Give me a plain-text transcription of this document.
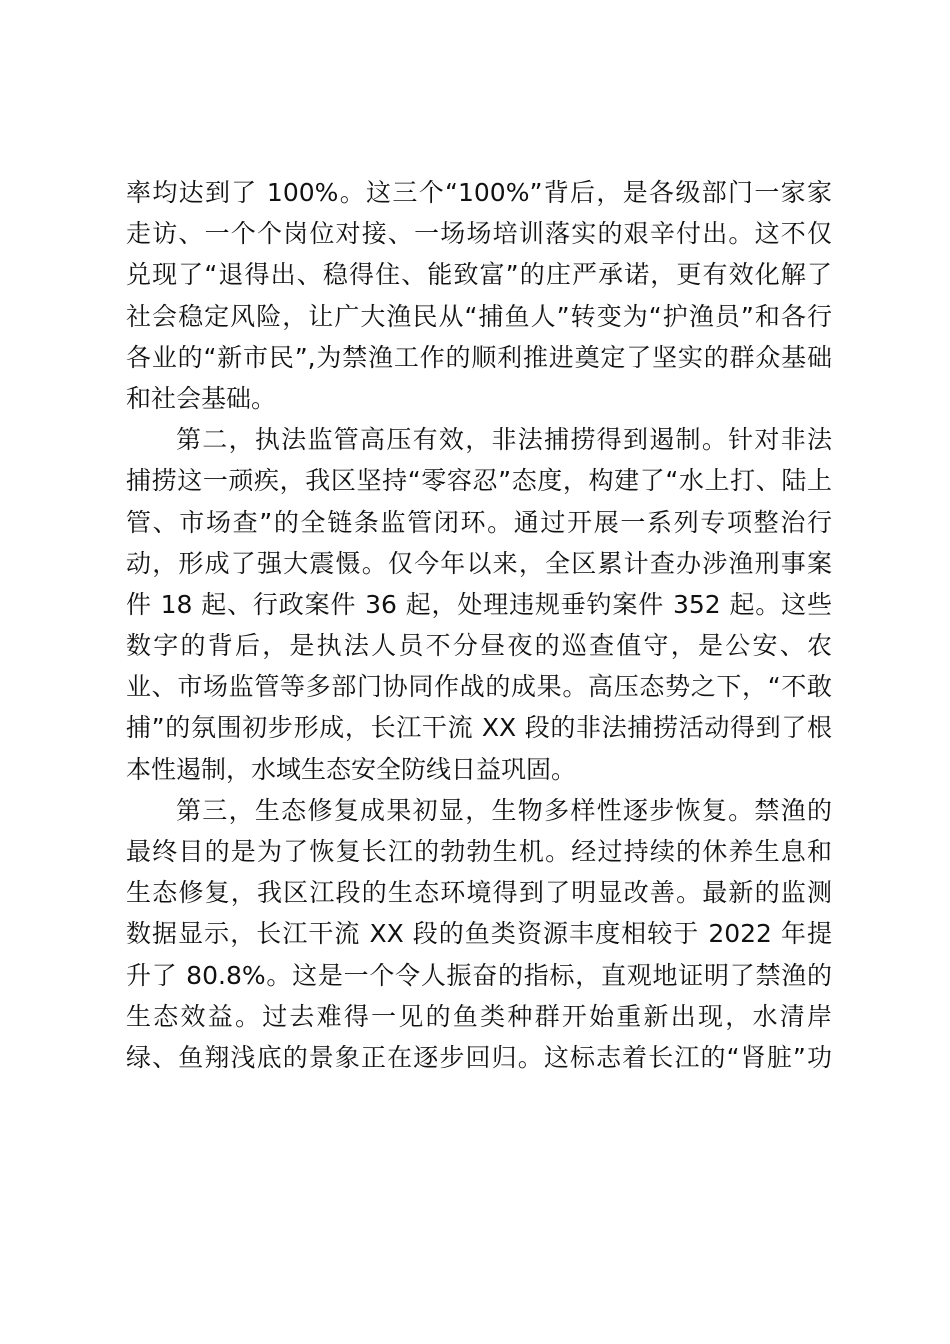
率均达到了 100%。这三个“100%”背后，是各级部门一家家
走访、一个个岗位对接、一场场培训落实的艰辛付出。这不仅
兑现了“退得出、稳得住、能致富”的庄严承诺，更有效化解了
社会稳定风险，让广大渔民从“捕鱼人”转变为“护渔员”和各行
各业的“新市民”,为禁渔工作的顺利推进奠定了坚实的群众基础
和社会基础。
第二，执法监管高压有效，非法捕捞得到遏制。针对非法
捕捞这一顽疾，我区坚持“零容忍”态度，构建了“水上打、陆上
管、市场查”的全链条监管闭环。通过开展一系列专项整治行
动，形成了强大震慑。仅今年以来，全区累计查办涉渔刑事案
件 18 起、行政案件 36 起，处理违规垂钓案件 352 起。这些
数字的背后，是执法人员不分昼夜的巡查值守，是公安、农
业、市场监管等多部门协同作战的成果。高压态势之下，“不敢
捕”的氛围初步形成，长江干流 XX 段的非法捕捞活动得到了根
本性遏制，水域生态安全防线日益巩固。
第三，生态修复成果初显，生物多样性逐步恢复。禁渔的
最终目的是为了恢复长江的勃勃生机。经过持续的休养生息和
生态修复，我区江段的生态环境得到了明显改善。最新的监测
数据显示，长江干流 XX 段的鱼类资源丰度相较于 2022 年提
升了 80.8%。这是一个令人振奋的指标，直观地证明了禁渔的
生态效益。过去难得一见的鱼类种群开始重新出现，水清岸
绿、鱼翔浅底的景象正在逐步回归。这标志着长江的“肾脏”功
